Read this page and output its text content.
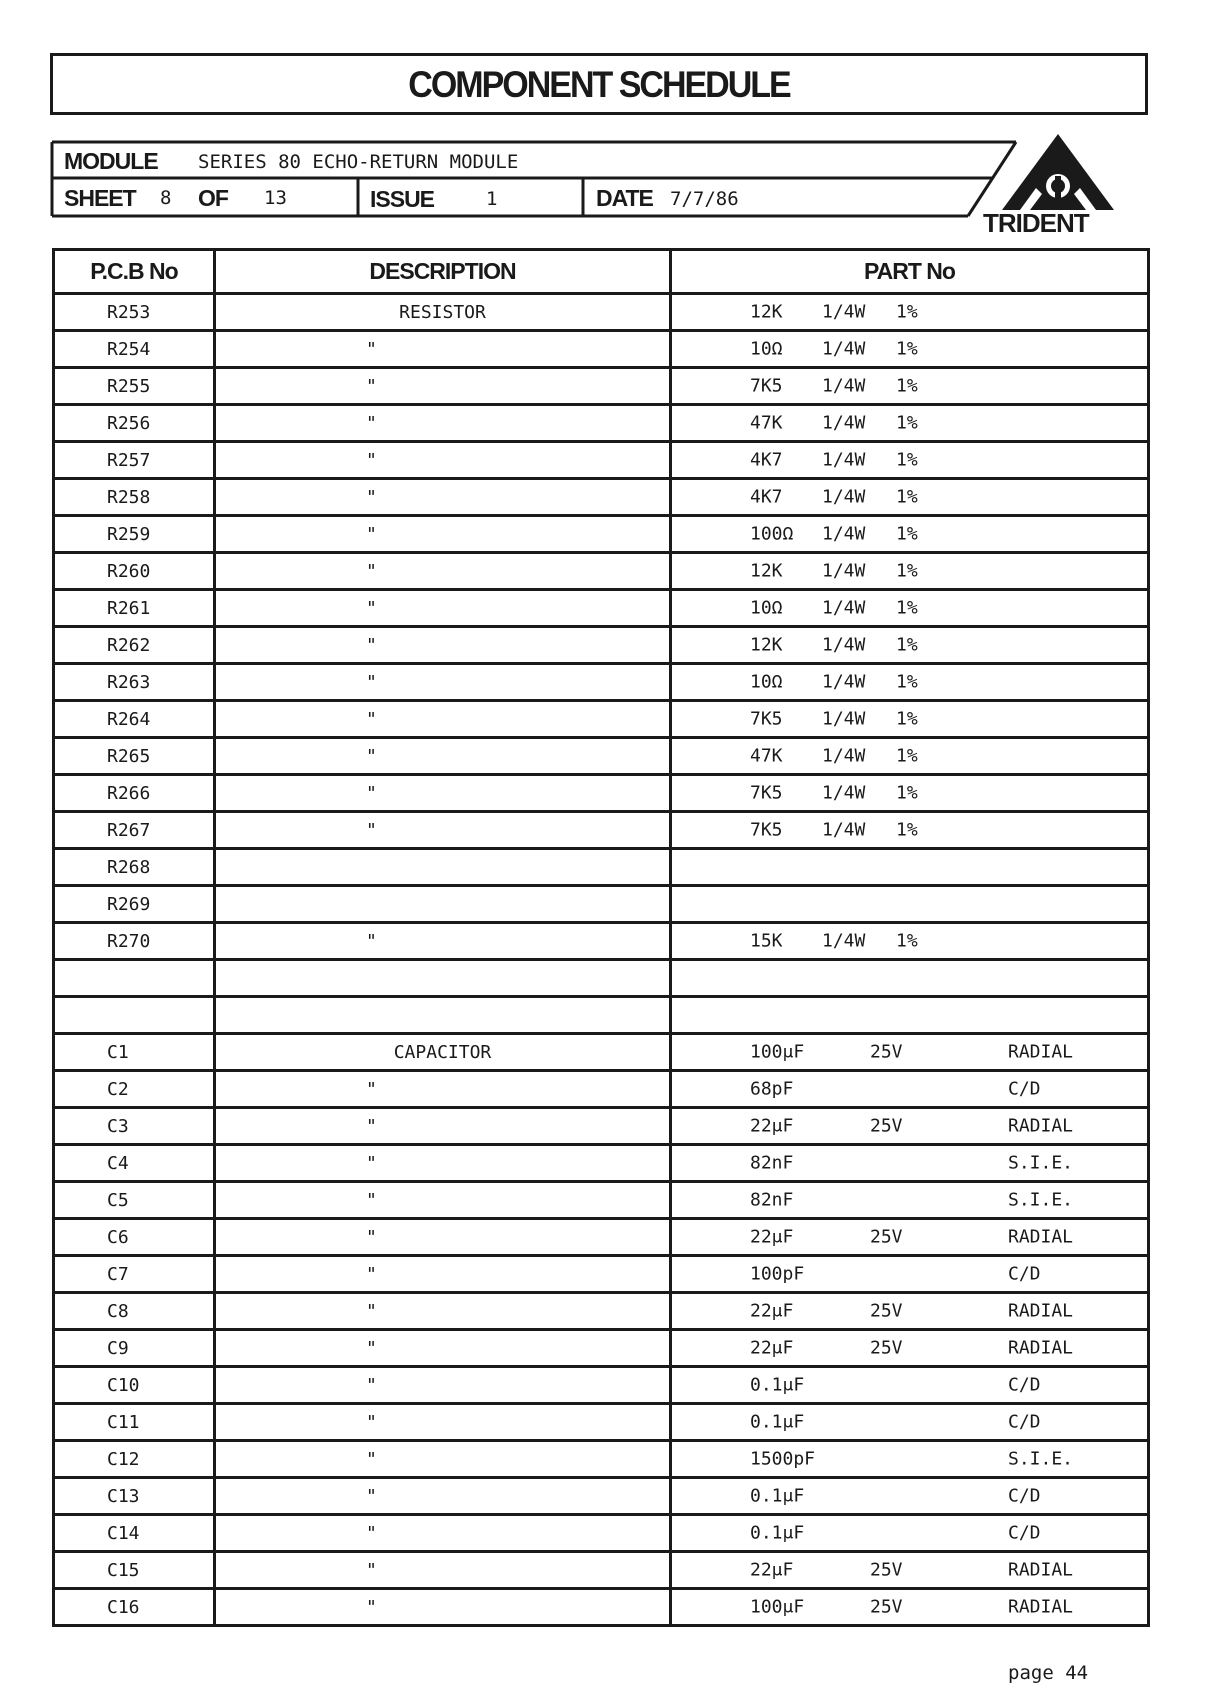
COMPONENT SCHEDULE
MODULE SERIES 80 ECHO-RETURN MODULE
SHEET 8 OF 13	ISSUE	1	DATE 7/7/86
TRIDENT
P.C.B No	DESCRIPTION	PART No
R253	RESISTOR	12K 1/4W 1%

R254	"	10Ω 1/4W 1%

R255	"	7K5 1/4W 1%

R256	"	47K 1/4W 1%

R257	"	4K7 1/4W 1%

R258	"	4K7 1/4W 1%

R259	"	100Ω 1/4W 1%

R260	"	12K 1/4W 1%

R261	"	10Ω 1/4W 1%

R262	"	12K 1/4W 1%

R263	"	10Ω 1/4W 1%

R264	"	7K5 1/4W 1%

R265	"	47K 1/4W 1%

R266	"	7K5 1/4W 1%

R267	"	7K5 1/4W 1%

R268		

R269		

R270	"	15K 1/4W 1%

C1	CAPACITOR	100μF 25V RADIAL

C2	"	68pF C/D

C3	"	22μF 25V RADIAL

C4	"	82nF S.I.E.

C5	"	82nF S.I.E.

C6	"	22μF 25V RADIAL

C7	"	100pF C/D

C8	"	22μF 25V RADIAL

C9	"	22μF 25V RADIAL

C10	"	0.1μF C/D

C11	"	0.1μF C/D

C12	"	1500pF S.I.E.

C13	"	0.1μF C/D

C14	"	0.1μF C/D

C15	"	22μF 25V RADIAL

C16	"	100μF 25V RADIAL
page 44
